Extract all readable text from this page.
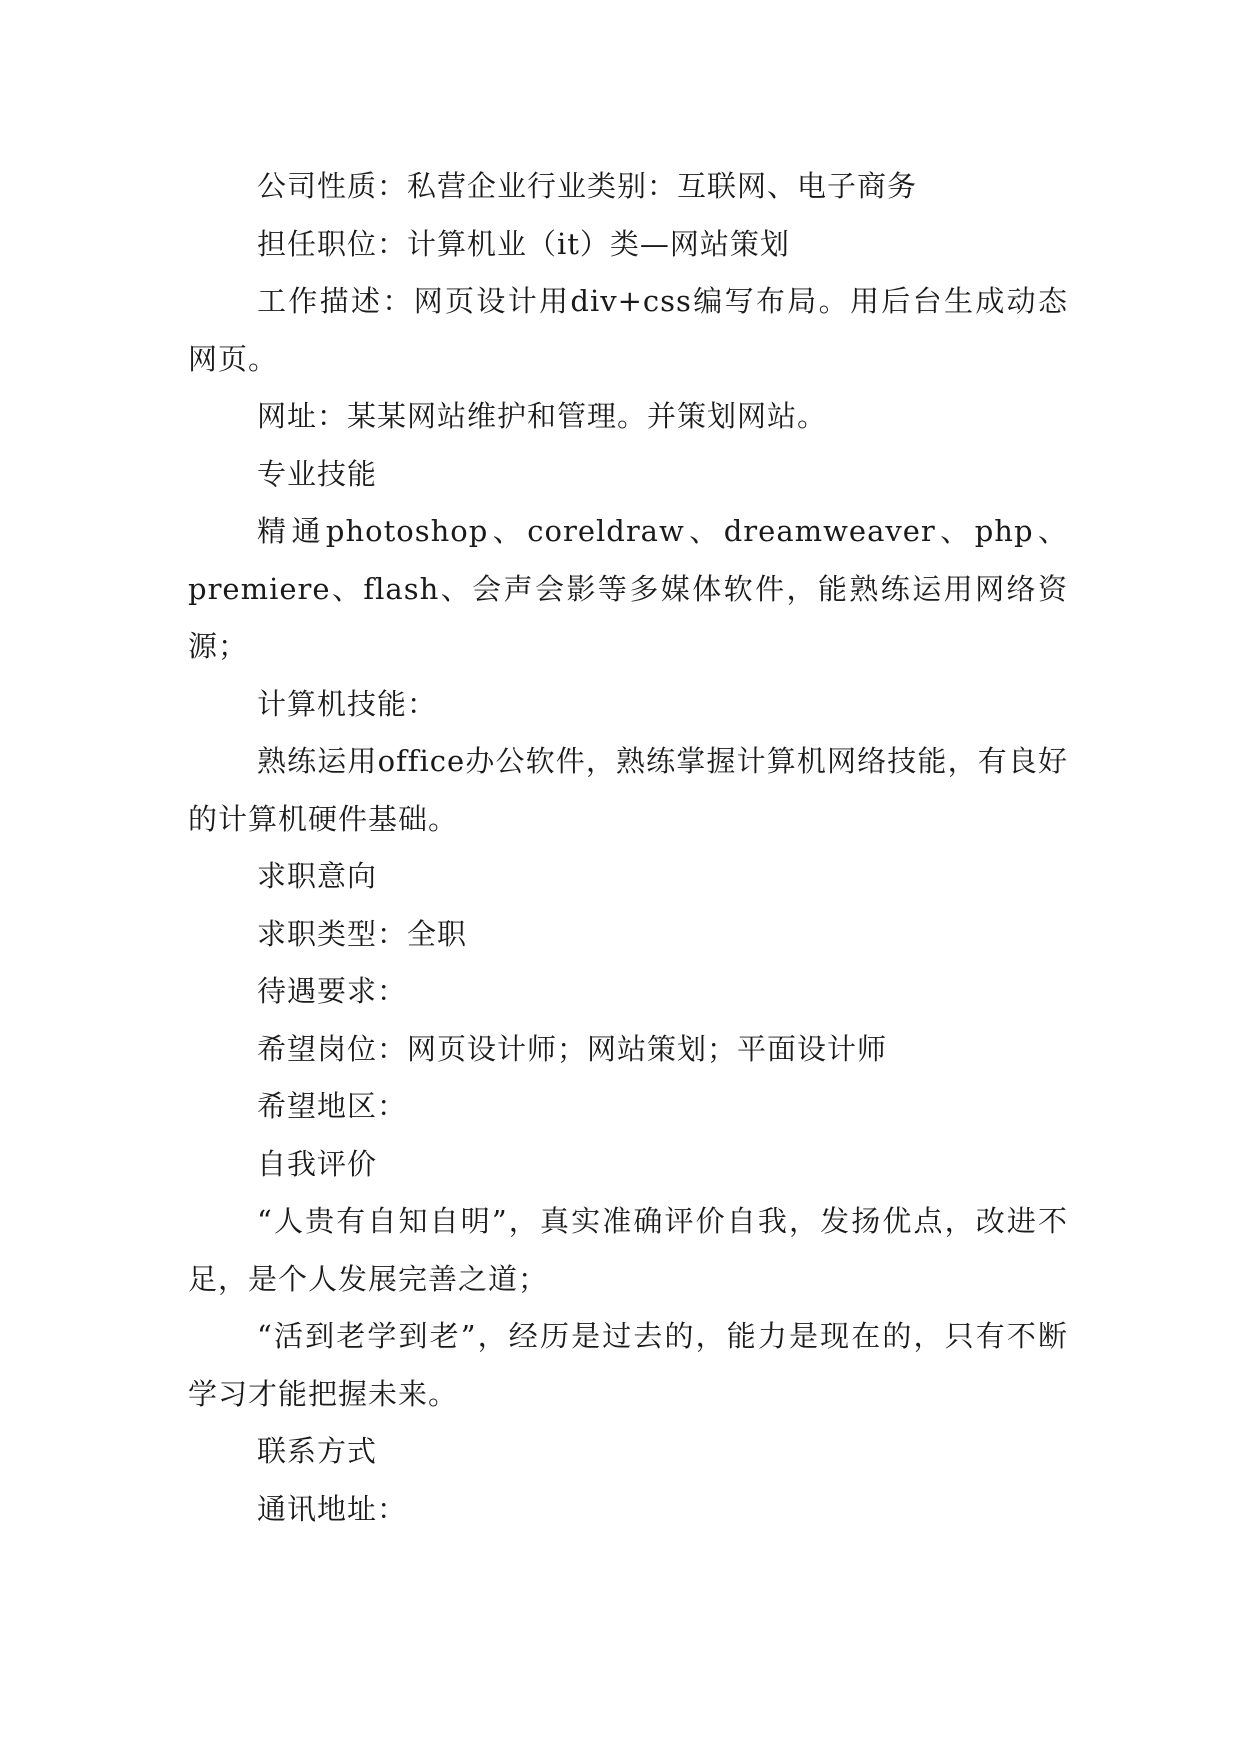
公司性质：私营企业行业类别：互联网、电子商务

担任职位：计算机业（it）类—网站策划

工作描述：网页设计用div+css编写布局。用后台生成动态网页。

网址：某某网站维护和管理。并策划网站。

专业技能

精通photoshop、coreldraw、dreamweaver、php、premiere、flash、会声会影等多媒体软件，能熟练运用网络资源；

计算机技能：

熟练运用office办公软件，熟练掌握计算机网络技能，有良好的计算机硬件基础。

求职意向

求职类型：全职

待遇要求：

希望岗位：网页设计师；网站策划；平面设计师

希望地区：

自我评价

“人贵有自知自明”，真实准确评价自我，发扬优点，改进不足，是个人发展完善之道；

“活到老学到老”，经历是过去的，能力是现在的，只有不断学习才能把握未来。

联系方式

通讯地址：
